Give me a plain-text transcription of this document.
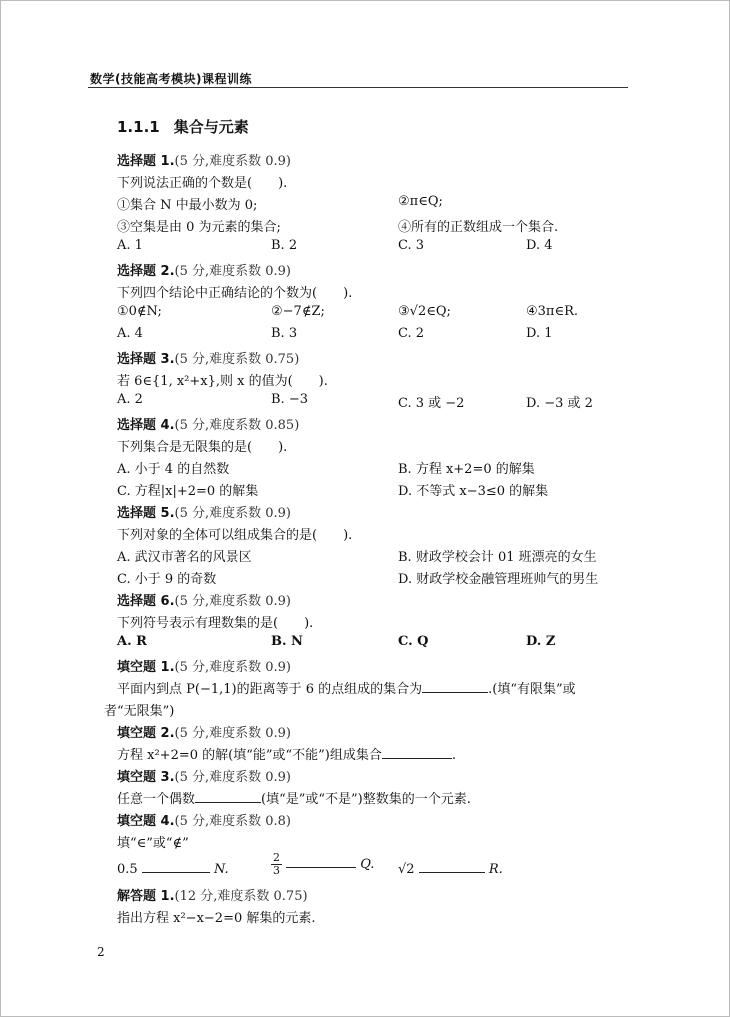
数学(技能高考模块)课程训练
1.1.1 集合与元素
选择题 1.(5 分,难度系数 0.9)
下列说法正确的个数是(　　).
①集合 N 中最小数为 0;	②π∈Q;
③空集是由 0 为元素的集合;	④所有的正数组成一个集合.
A. 1	B. 2	C. 3	D. 4
选择题 2.(5 分,难度系数 0.9)
下列四个结论中正确结论的个数为(　　).
①0∉N;	②−7∉Z;	③√2∈Q;	④3π∈R.
A. 4	B. 3	C. 2	D. 1
选择题 3.(5 分,难度系数 0.75)
若 6∈{1, x²+x},则 x 的值为(　　).
A. 2	B. −3	C. 3 或 −2	D. −3 或 2
选择题 4.(5 分,难度系数 0.85)
下列集合是无限集的是(　　).
A. 小于 4 的自然数	B. 方程 x+2=0 的解集
C. 方程|x|+2=0 的解集	D. 不等式 x−3≤0 的解集
选择题 5.(5 分,难度系数 0.9)
下列对象的全体可以组成集合的是(　　).
A. 武汉市著名的风景区	B. 财政学校会计 01 班漂亮的女生
C. 小于 9 的奇数	D. 财政学校金融管理班帅气的男生
选择题 6.(5 分,难度系数 0.9)
下列符号表示有理数集的是(　　).
A. R	B. N	C. Q	D. Z
填空题 1.(5 分,难度系数 0.9)
平面内到点 P(−1,1)的距离等于 6 的点组成的集合为	.(填“有限集”或
者“无限集”)
填空题 2.(5 分,难度系数 0.9)
方程 x²+2=0 的解(填“能”或“不能”)组成集合	.
填空题 3.(5 分,难度系数 0.9)
任意一个偶数	(填“是”或“不是”)整数集的一个元素.
填空题 4.(5 分,难度系数 0.8)
填“∈”或“∉”
0.5	N.	$\frac{2}{3}$	Q. √2	R.
解答题 1.(12 分,难度系数 0.75)
指出方程 x²−x−2=0 解集的元素.
2
